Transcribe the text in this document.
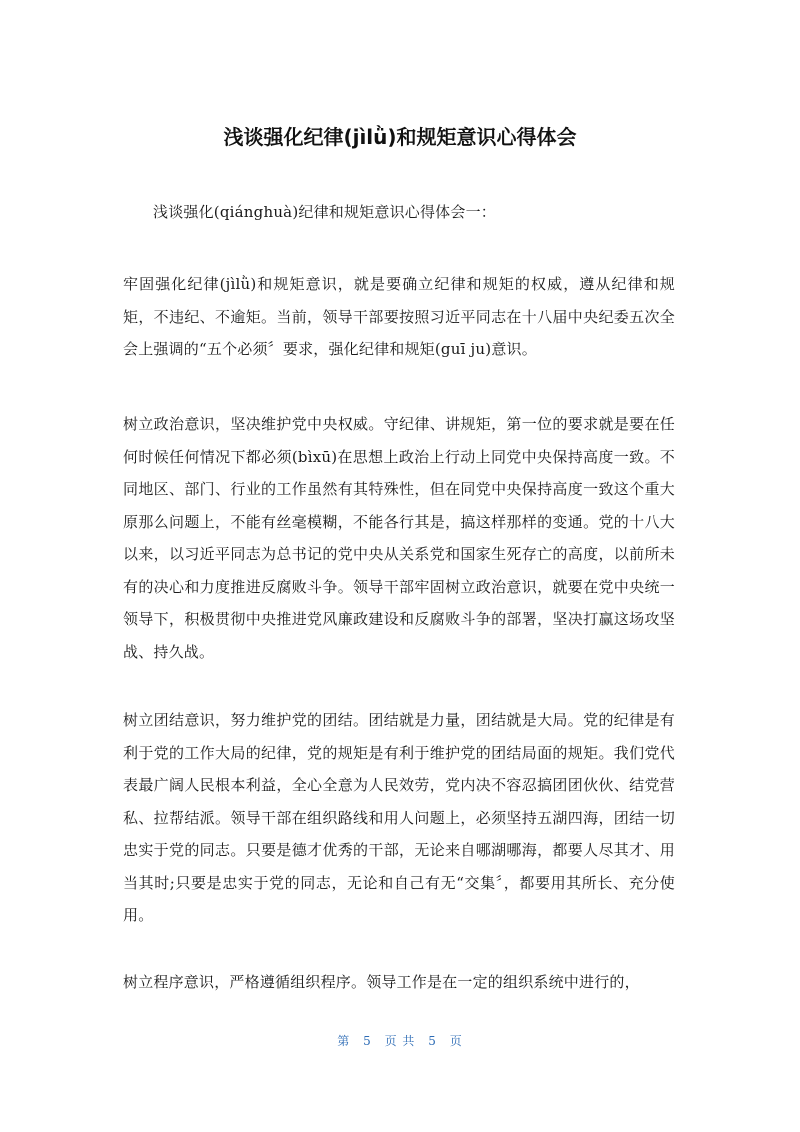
浅谈强化纪律(jìlǜ)和规矩意识心得体会
浅谈强化(qiánghuà)纪律和规矩意识心得体会一：

牢固强化纪律(jìlǜ)和规矩意识，就是要确立纪律和规矩的权威，遵从纪律和规矩，不违纪、不逾矩。当前，领导干部要按照习近平同志在十八届中央纪委五次全会上强调的“五个必须〞要求，强化纪律和规矩(guī ju)意识。

树立政治意识，坚决维护党中央权威。守纪律、讲规矩，第一位的要求就是要在任何时候任何情况下都必须(bìxū)在思想上政治上行动上同党中央保持高度一致。不同地区、部门、行业的工作虽然有其特殊性，但在同党中央保持高度一致这个重大原那么问题上，不能有丝毫模糊，不能各行其是，搞这样那样的变通。党的十八大以来，以习近平同志为总书记的党中央从关系党和国家生死存亡的高度，以前所未有的决心和力度推进反腐败斗争。领导干部牢固树立政治意识，就要在党中央统一领导下，积极贯彻中央推进党风廉政建设和反腐败斗争的部署，坚决打赢这场攻坚战、持久战。

树立团结意识，努力维护党的团结。团结就是力量，团结就是大局。党的纪律是有利于党的工作大局的纪律，党的规矩是有利于维护党的团结局面的规矩。我们党代表最广阔人民根本利益，全心全意为人民效劳，党内决不容忍搞团团伙伙、结党营私、拉帮结派。领导干部在组织路线和用人问题上，必须坚持五湖四海，团结一切忠实于党的同志。只要是德才优秀的干部，无论来自哪湖哪海，都要人尽其才、用当其时;只要是忠实于党的同志，无论和自己有无“交集〞，都要用其所长、充分使用。

树立程序意识，严格遵循组织程序。领导工作是在一定的组织系统中进行的，

第 5 页 共 5 页
